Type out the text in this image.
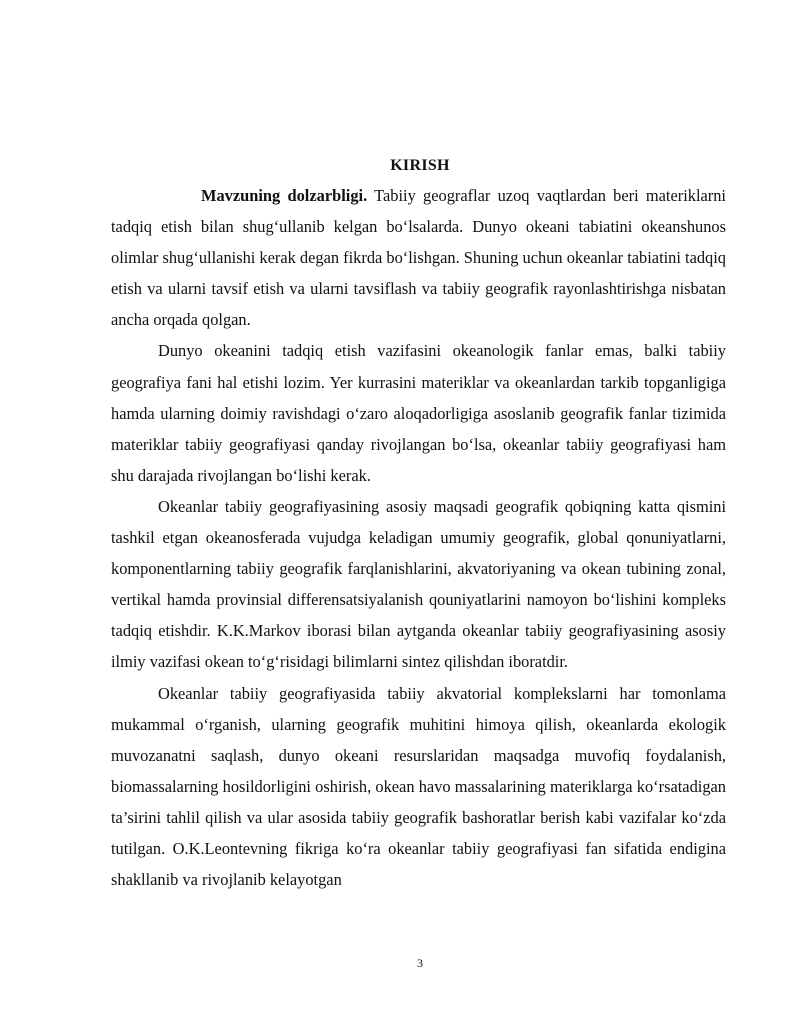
KIRISH

Mavzuning dolzarbligi. Tabiiy geograflar uzoq vaqtlardan beri materiklarni tadqiq etish bilan shug‘ullanib kelgan bo‘lsalarda. Dunyo okeani tabiatini okeanshunos olimlar shug‘ullanishi kerak degan fikrda bo‘lishgan. Shuning uchun okeanlar tabiatini tadqiq etish va ularni tavsif etish va ularni tavsiflash va tabiiy geografik rayonlashtirishga nisbatan ancha orqada qolgan.

Dunyo okeanini tadqiq etish vazifasini okeanologik fanlar emas, balki tabiiy geografiya fani hal etishi lozim. Yer kurrasini materiklar va okeanlardan tarkib topganligiga hamda ularning doimiy ravishdagi o‘zaro aloqadorligiga asoslanib geografik fanlar tizimida materiklar tabiiy geografiyasi qanday rivojlangan bo‘lsa, okeanlar tabiiy geografiyasi ham shu darajada rivojlangan bo‘lishi kerak.

Okeanlar tabiiy geografiyasining asosiy maqsadi geografik qobiqning katta qismini tashkil etgan okeanosferada vujudga keladigan umumiy geografik, global qonuniyatlarni, komponentlarning tabiiy geografik farqlanishlarini, akvatoriyaning va okean tubining zonal, vertikal hamda provinsial differensatsiyalanish qouniyatlarini namoyon bo‘lishini kompleks tadqiq etishdir. K.K.Markov iborasi bilan aytganda okeanlar tabiiy geografiyasining asosiy ilmiy vazifasi okean to‘g‘risidagi bilimlarni sintez qilishdan iboratdir.

Okeanlar tabiiy geografiyasida tabiiy akvatorial komplekslarni har tomonlama mukammal o‘rganish, ularning geografik muhitini himoya qilish, okeanlarda ekologik muvozanatni saqlash, dunyo okeani resurslaridan maqsadga muvofiq foydalanish, biomassalarning hosildorligini oshirish, okean havo massalarining materiklarga ko‘rsatadigan ta’sirini tahlil qilish va ular asosida tabiiy geografik bashoratlar berish kabi vazifalar ko‘zda tutilgan. O.K.Leontevning fikriga ko‘ra okeanlar tabiiy geografiyasi fan sifatida endigina shakllanib va rivojlanib kelayotgan

3
